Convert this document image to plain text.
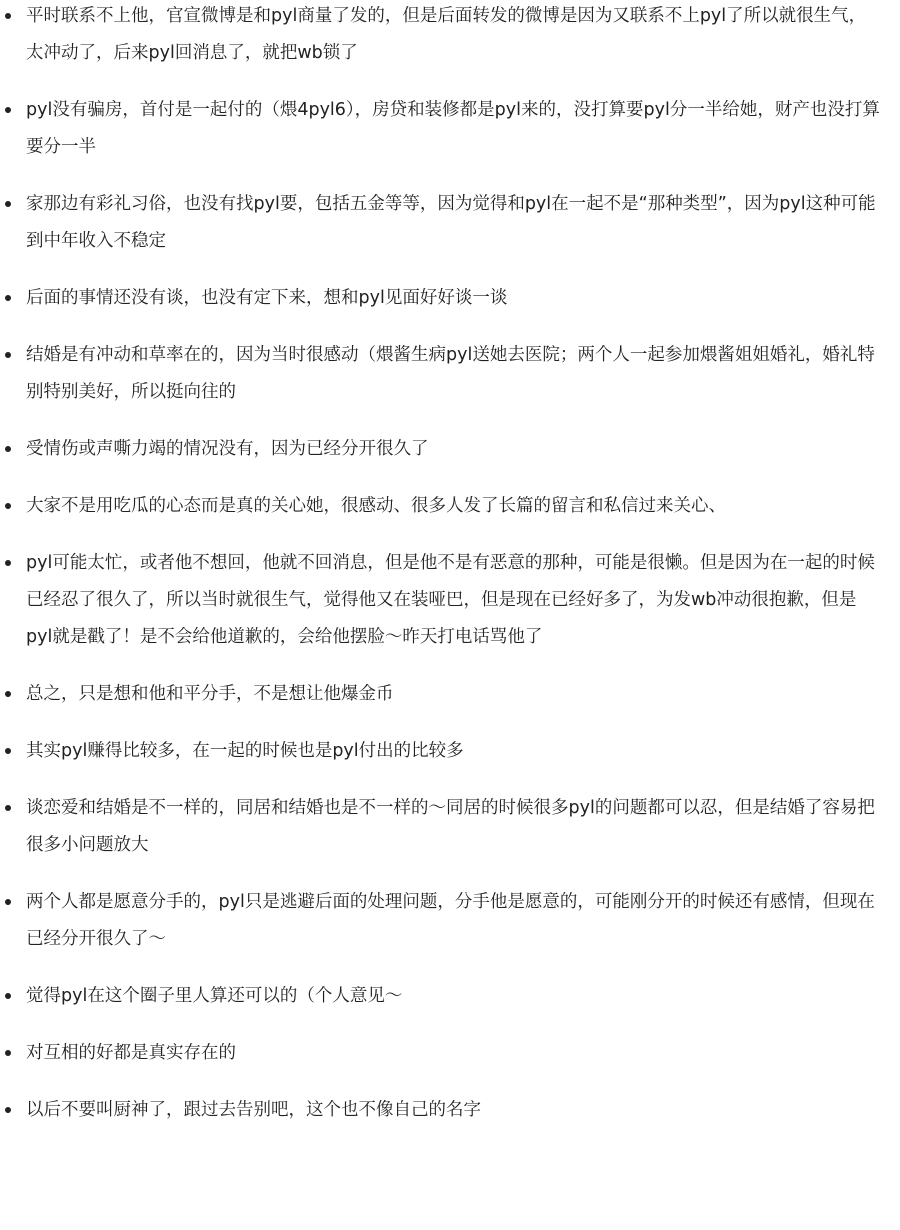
平时联系不上他，官宣微博是和pyl商量了发的，但是后面转发的微博是因为又联系不上pyl了所以就很生气，太冲动了，后来pyl回消息了，就把wb锁了
pyl没有骗房，首付是一起付的（煨4pyl6），房贷和装修都是pyl来的，没打算要pyl分一半给她，财产也没打算要分一半
家那边有彩礼习俗，也没有找pyl要，包括五金等等，因为觉得和pyl在一起不是“那种类型”，因为pyl这种可能到中年收入不稳定
后面的事情还没有谈，也没有定下来，想和pyl见面好好谈一谈
结婚是有冲动和草率在的，因为当时很感动（煨酱生病pyl送她去医院；两个人一起参加煨酱姐姐婚礼，婚礼特别特别美好，所以挺向往的
受情伤或声嘶力竭的情况没有，因为已经分开很久了
大家不是用吃瓜的心态而是真的关心她，很感动、很多人发了长篇的留言和私信过来关心、
pyl可能太忙，或者他不想回，他就不回消息，但是他不是有恶意的那种，可能是很懒。但是因为在一起的时候已经忍了很久了，所以当时就很生气，觉得他又在装哑巴，但是现在已经好多了，为发wb冲动很抱歉，但是pyl就是戳了！是不会给他道歉的，会给他摆脸～昨天打电话骂他了
总之，只是想和他和平分手，不是想让他爆金币
其实pyl赚得比较多，在一起的时候也是pyl付出的比较多
谈恋爱和结婚是不一样的，同居和结婚也是不一样的～同居的时候很多pyl的问题都可以忍，但是结婚了容易把很多小问题放大
两个人都是愿意分手的，pyl只是逃避后面的处理问题，分手他是愿意的，可能刚分开的时候还有感情，但现在已经分开很久了～
觉得pyl在这个圈子里人算还可以的（个人意见～
对互相的好都是真实存在的
以后不要叫厨神了，跟过去告别吧，这个也不像自己的名字
